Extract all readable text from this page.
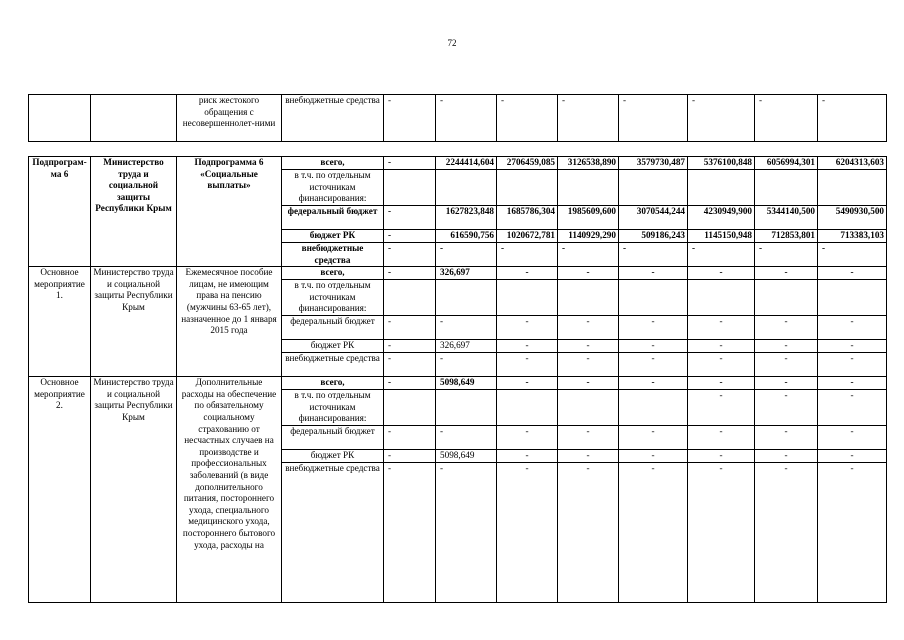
72
		риск жестокого обращения с несовершеннолет-ними	внебюджетные средства	-	-	-	-	-	-	-	-
Подпрограм-ма 6	Министерство труда и социальной защиты Республики Крым	Подпрограмма 6 «Социальные выплаты»	всего,	-	2244414,604	2706459,085	3126538,890	3579730,487	5376100,848	6056994,301	6204313,603
			в т.ч. по отдельным источникам финансирования:								
			федеральный бюджет	-	1627823,848	1685786,304	1985609,600	3070544,244	4230949,900	5344140,500	5490930,500
			бюджет РК	-	616590,756	1020672,781	1140929,290	509186,243	1145150,948	712853,801	713383,103
			внебюджетные средства	-	-	-	-	-	-	-	-
Основное мероприятие 1.	Министерство труда и социальной защиты Республики Крым	Ежемесячное пособие лицам, не имеющим права на пенсию (мужчины 63-65 лет), назначенное до 1 января 2015 года	всего,	-	326,697	-	-	-	-	-	-
			в т.ч. по отдельным источникам финансирования:								
			федеральный бюджет	-	-	-	-	-	-	-	-
			бюджет РК	-	326,697	-	-	-	-	-	-
			внебюджетные средства	-	-	-	-	-	-	-	-
Основное мероприятие 2.	Министерство труда и социальной защиты Республики Крым	Дополнительные расходы на обеспечение по обязательному социальному страхованию от несчастных случаев на производстве и профессиональных заболеваний (в виде дополнительного питания, постороннего ухода, специального медицинского ухода, постороннего бытового ухода, расходы на	всего,	-	5098,649	-	-	-	-	-	-
			в т.ч. по отдельным источникам финансирования:						-	-	-
			федеральный бюджет	-	-	-	-	-	-	-	-
			бюджет РК	-	5098,649	-	-	-	-	-	-
			внебюджетные средства	-	-	-	-	-	-	-	-
